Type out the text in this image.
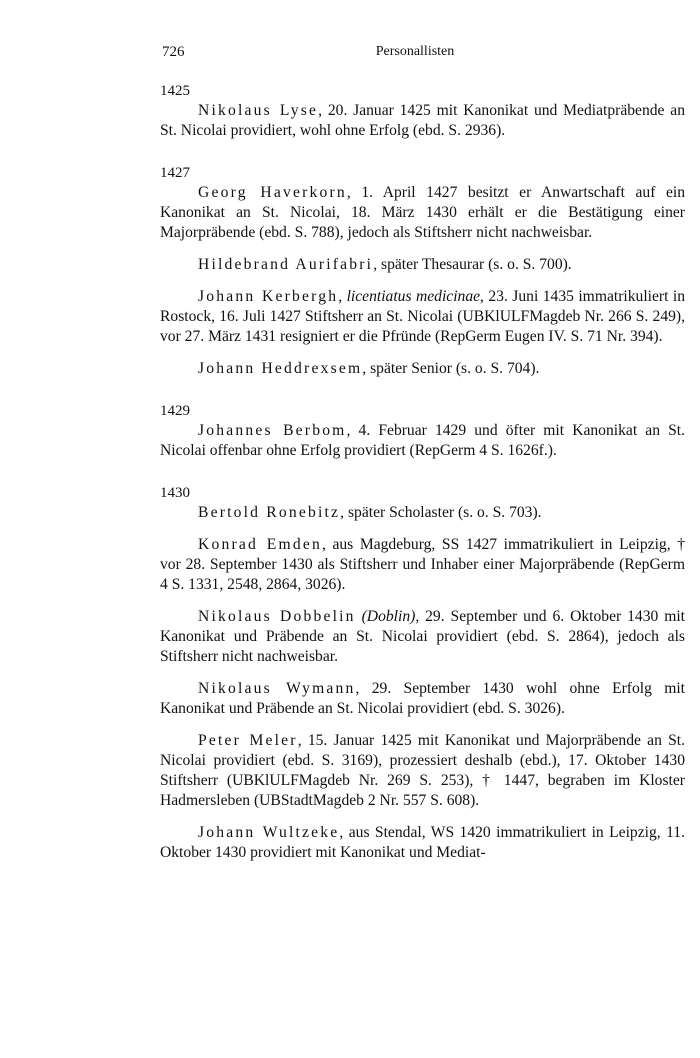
726	Personallisten
1425

Nikolaus Lyse, 20. Januar 1425 mit Kanonikat und Mediatpräbende an St. Nicolai providiert, wohl ohne Erfolg (ebd. S. 2936).

1427

Georg Haverkorn, 1. April 1427 besitzt er Anwartschaft auf ein Kanonikat an St. Nicolai, 18. März 1430 erhält er die Bestätigung einer Majorpräbende (ebd. S. 788), jedoch als Stiftsherr nicht nachweisbar.

Hildebrand Aurifabri, später Thesaurar (s. o. S. 700).

Johann Kerbergh, licentiatus medicinae, 23. Juni 1435 immatrikuliert in Rostock, 16. Juli 1427 Stiftsherr an St. Nicolai (UBKlULFMagdeb Nr. 266 S. 249), vor 27. März 1431 resigniert er die Pfründe (RepGerm Eugen IV. S. 71 Nr. 394).

Johann Heddrexsem, später Senior (s. o. S. 704).

1429

Johannes Berbom, 4. Februar 1429 und öfter mit Kanonikat an St. Nicolai offenbar ohne Erfolg providiert (RepGerm 4 S. 1626f.).

1430

Bertold Ronebitz, später Scholaster (s. o. S. 703).

Konrad Emden, aus Magdeburg, SS 1427 immatrikuliert in Leipzig, † vor 28. September 1430 als Stiftsherr und Inhaber einer Majorpräbende (RepGerm 4 S. 1331, 2548, 2864, 3026).

Nikolaus Dobbelin (Doblin), 29. September und 6. Oktober 1430 mit Kanonikat und Präbende an St. Nicolai providiert (ebd. S. 2864), jedoch als Stiftsherr nicht nachweisbar.

Nikolaus Wymann, 29. September 1430 wohl ohne Erfolg mit Kanonikat und Präbende an St. Nicolai providiert (ebd. S. 3026).

Peter Meler, 15. Januar 1425 mit Kanonikat und Majorpräbende an St. Nicolai providiert (ebd. S. 3169), prozessiert deshalb (ebd.), 17. Oktober 1430 Stiftsherr (UBKlULFMagdeb Nr. 269 S. 253), † 1447, begraben im Kloster Hadmersleben (UBStadtMagdeb 2 Nr. 557 S. 608).

Johann Wultzeke, aus Stendal, WS 1420 immatrikuliert in Leipzig, 11. Oktober 1430 providiert mit Kanonikat und Mediat-
